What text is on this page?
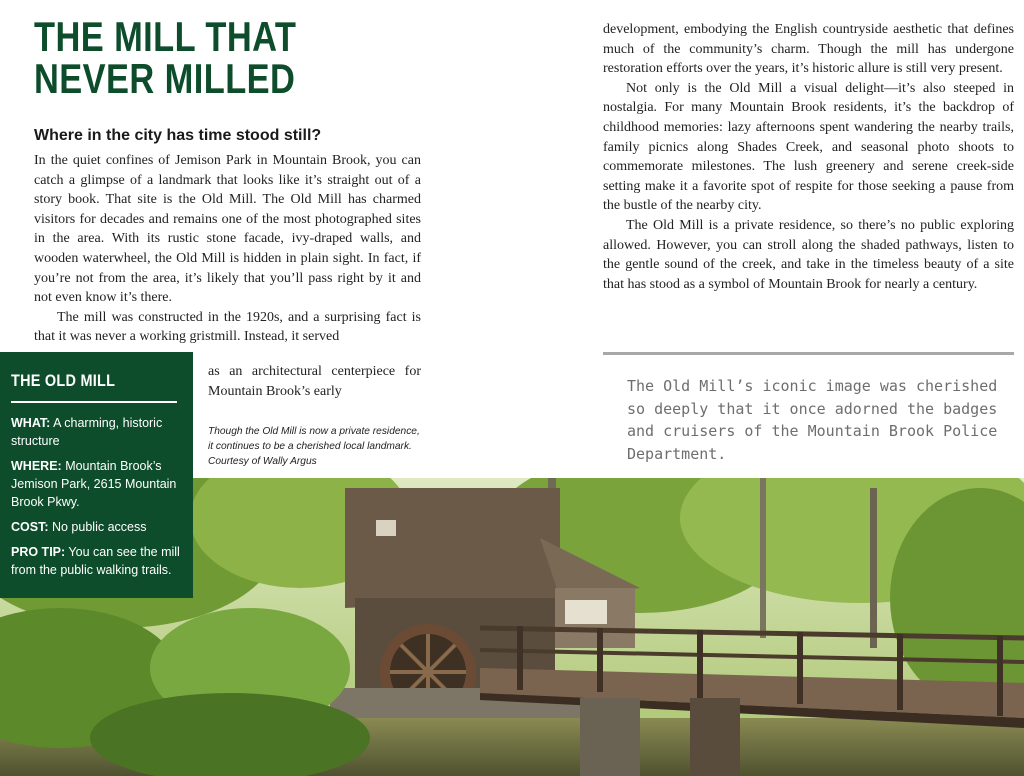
THE MILL THAT
NEVER MILLED
Where in the city has time stood still?

In the quiet confines of Jemison Park in Mountain Brook, you can catch a glimpse of a landmark that looks like it’s straight out of a story book. That site is the Old Mill. The Old Mill has charmed visitors for decades and remains one of the most photographed sites in the area. With its rustic stone facade, ivy-draped walls, and wooden waterwheel, the Old Mill is hidden in plain sight. In fact, if you’re not from the area, it’s likely that you’ll pass right by it and not even know it’s there.

The mill was constructed in the 1920s, and a surprising fact is that it was never a working gristmill. Instead, it served

as an architectural centerpiece for Mountain Brook’s early

Though the Old Mill is now a private residence, it continues to be a cherished local landmark. Courtesy of Wally Argus

development, embodying the English countryside aesthetic that defines much of the community’s charm. Though the mill has undergone restoration efforts over the years, it’s historic allure is still very present.

Not only is the Old Mill a visual delight—it’s also steeped in nostalgia. For many Mountain Brook residents, it’s the backdrop of childhood memories: lazy afternoons spent wandering the nearby trails, family picnics along Shades Creek, and seasonal photo shoots to commemorate milestones. The lush greenery and serene creek-side setting make it a favorite spot of respite for those seeking a pause from the bustle of the nearby city.

The Old Mill is a private residence, so there’s no public exploring allowed. However, you can stroll along the shaded pathways, listen to the gentle sound of the creek, and take in the timeless beauty of a site that has stood as a symbol of Mountain Brook for nearly a century.

The Old Mill’s iconic image was cherished so deeply that it once adorned the badges and cruisers of the Mountain Brook Police Department.

THE OLD MILL
WHAT: A charming, historic structure
WHERE: Mountain Brook’s Jemison Park, 2615 Mountain Brook Pkwy.
COST: No public access
PRO TIP: You can see the mill from the public walking trails.
